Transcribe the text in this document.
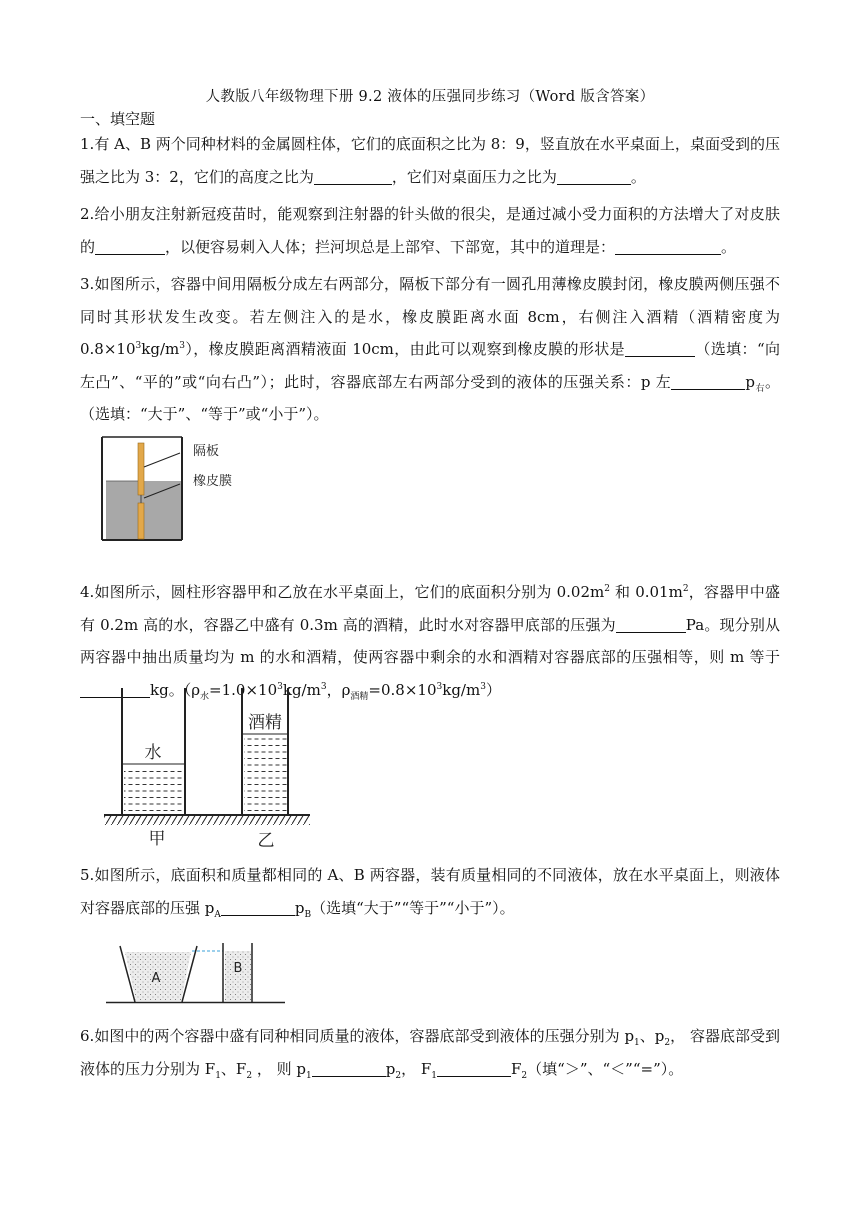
人教版八年级物理下册 9.2 液体的压强同步练习（Word 版含答案）
一、填空题
1.有 A、B 两个同种材料的金属圆柱体，它们的底面积之比为 8：9，竖直放在水平桌面上，桌面受到的压强之比为 3：2，它们的高度之比为	，它们对桌面压力之比为	。
2.给小朋友注射新冠疫苗时，能观察到注射器的针头做的很尖，是通过减小受力面积的方法增大了对皮肤的	，以便容易刺入人体；拦河坝总是上部窄、下部宽，其中的道理是：	。
3.如图所示，容器中间用隔板分成左右两部分，隔板下部分有一圆孔用薄橡皮膜封闭，橡皮膜两侧压强不同时其形状发生改变。若左侧注入的是水，橡皮膜距离水面 8cm，右侧注入酒精（酒精密度为 $0.8\times 10^3kg/m^3$），橡皮膜距离酒精液面 10cm，由此可以观察到橡皮膜的形状是	（选填：“向左凸”、“平的”或“向右凸”）；此时，容器底部左右两部分受到的液体的压强关系：p 左	$p_右$。（选填：“大于”、“等于”或“小于”）。
隔板
橡皮膜
4.如图所示，圆柱形容器甲和乙放在水平桌面上，它们的底面积分别为 $0.02m^2$ 和 $0.01m^2$，容器甲中盛有 0.2m 高的水，容器乙中盛有 0.3m 高的酒精，此时水对容器甲底部的压强为	Pa。现分别从两容器中抽出质量均为 m 的水和酒精，使两容器中剩余的水和酒精对容器底部的压强相等，则 m 等于kg。（$\rho_水=1.0\times 10^3kg/m^3$，$\rho_{酒精}=0.8\times 10^3kg/m^3$）
水
酒精
甲	乙
5.如图所示，底面积和质量都相同的 A、B 两容器，装有质量相同的不同液体，放在水平桌面上，则液体对容器底部的压强 $p_A$	$p_B$（选填“大于”“等于”“小于”）。
A
B
6.如图中的两个容器中盛有同种相同质量的液体，容器底部受到液体的压强分别为 $p_1$、$p_2$， 容器底部受到液体的压力分别为 $F_1$、$F_2$ ， 则 $p_1$	$p_2$， $F_1$	$F_2$（填“＞”、“＜”“=”）。
